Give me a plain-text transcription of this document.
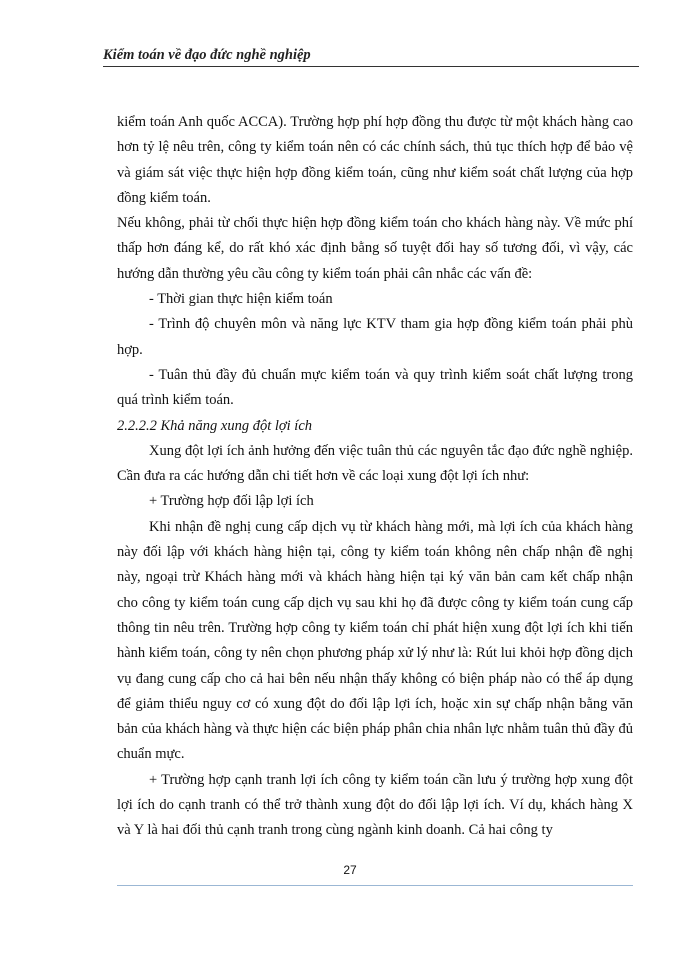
Kiểm toán về đạo đức nghề nghiệp

kiểm toán Anh quốc ACCA). Trường hợp phí hợp đồng thu được từ một khách hàng cao hơn tỷ lệ nêu trên, công ty kiểm toán nên có các chính sách, thủ tục thích hợp để bảo vệ và giám sát việc thực hiện hợp đồng kiểm toán, cũng như kiểm soát chất lượng của hợp đồng kiểm toán.

Nếu không, phải từ chối thực hiện hợp đồng kiểm toán cho khách hàng này. Về mức phí thấp hơn đáng kể, do rất khó xác định bằng số tuyệt đối hay số tương đối, vì vậy, các hướng dẫn thường yêu cầu công ty kiểm toán phải cân nhắc các vấn đề:

- Thời gian thực hiện kiểm toán

- Trình độ chuyên môn và năng lực KTV tham gia hợp đồng kiểm toán phải phù hợp.

- Tuân thủ đầy đủ chuẩn mực kiểm toán và quy trình kiểm soát chất lượng trong quá trình kiểm toán.

2.2.2.2 Khả năng xung đột lợi ích

Xung đột lợi ích ảnh hưởng đến việc tuân thủ các nguyên tắc đạo đức nghề nghiệp. Cần đưa ra các hướng dẫn chi tiết hơn về các loại xung đột lợi ích như:

+ Trường hợp đối lập lợi ích

Khi nhận đề nghị cung cấp dịch vụ từ khách hàng mới, mà lợi ích của khách hàng này đối lập với khách hàng hiện tại, công ty kiểm toán không nên chấp nhận đề nghị này, ngoại trừ Khách hàng mới và khách hàng hiện tại ký văn bản cam kết chấp nhận cho công ty kiểm toán cung cấp dịch vụ sau khi họ đã được công ty kiểm toán cung cấp thông tin nêu trên. Trường hợp công ty kiểm toán chỉ phát hiện xung đột lợi ích khi tiến hành kiểm toán, công ty nên chọn phương pháp xử lý như là: Rút lui khỏi hợp đồng dịch vụ đang cung cấp cho cả hai bên nếu nhận thấy không có biện pháp nào có thể áp dụng để giảm thiểu nguy cơ có xung đột do đối lập lợi ích, hoặc xin sự chấp nhận bằng văn bản của khách hàng và thực hiện các biện pháp phân chia nhân lực nhằm tuân thủ đầy đủ chuẩn mực.

+ Trường hợp cạnh tranh lợi ích công ty kiểm toán cần lưu ý trường hợp xung đột lợi ích do cạnh tranh có thể trở thành xung đột do đối lập lợi ích. Ví dụ, khách hàng X và Y là hai đối thủ cạnh tranh trong cùng ngành kinh doanh. Cả hai công ty

27
